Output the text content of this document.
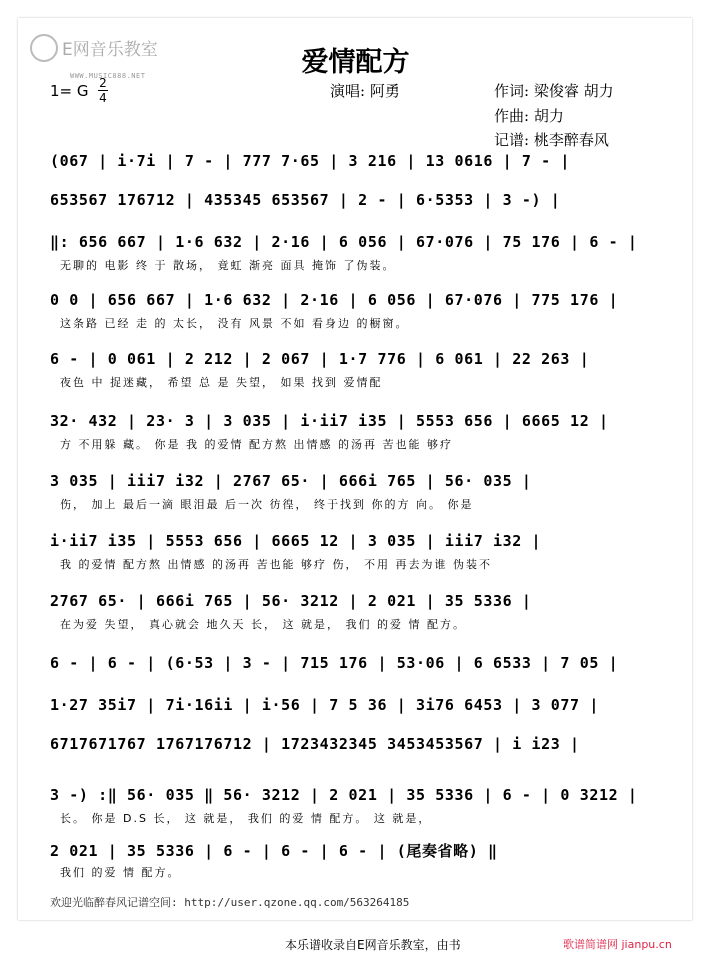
E网音乐教室
WWW.MUSIC888.NET	爱情配方
1= G 2
4	演唱: 阿勇	作词: 梁俊睿 胡力
作曲: 胡力
记谱: 桃李醉春风
(067 | i·7i | 7 - | 777 7·65 | 3 216 | 13 0616 | 7 - |
653567 176712 | 435345 653567 | 2 - | 6·5353 | 3 -) |
‖: 656 667 | 1·6 632 | 2·16 | 6 056 | 67·076 | 75 176 | 6 - |
无聊的 电影 终 于 散场， 竟虹 渐亮 面具 掩饰 了伪装。
0 0 | 656 667 | 1·6 632 | 2·16 | 6 056 | 67·076 | 775 176 |
这条路 已经 走 的 太长， 没有 风景 不如 看身边 的橱窗。
6 - | 0 061 | 2 212 | 2 067 | 1·7 776 | 6 061 | 22 263 |
夜色 中 捉迷藏， 希望 总 是 失望， 如果 找到 爱情配
32· 432 | 23· 3 | 3 035 | i·ii7 i35 | 5553 656 | 6665 12 |
方 不用躲 藏。 你是 我 的爱情 配方熬 出情感 的汤再 苦也能 够疗
3 035 | iii7 i32 | 2767 65· | 666i 765 | 56· 035 |
伤， 加上 最后一滴 眼泪最 后一次 彷徨， 终于找到 你的方 向。 你是
i·ii7 i35 | 5553 656 | 6665 12 | 3 035 | iii7 i32 |
我 的爱情 配方熬 出情感 的汤再 苦也能 够疗 伤， 不用 再去为谁 伪装不
2767 65· | 666i 765 | 56· 3212 | 2 021 | 35 5336 |
在为爱 失望， 真心就会 地久天 长， 这 就是， 我们 的爱 情 配方。
6 - | 6 - | (6·53 | 3 - | 715 176 | 53·06 | 6 6533 | 7 05 |
1·27 35i7 | 7i·16ii | i·56 | 7 5 36 | 3i76 6453 | 3 077 |
6717671767 1767176712 | 1723432345 3453453567 | i i23 |
3 -) :‖ 56· 035 ‖ 56· 3212 | 2 021 | 35 5336 | 6 - | 0 3212 |
长。 你是 D.S 长， 这 就是， 我们 的爱 情 配方。 这 就是，
2 021 | 35 5336 | 6 - | 6 - | 6 - | (尾奏省略) ‖
我们 的爱 情 配方。
欢迎光临醉春风记谱空间: http://user.qzone.qq.com/563264185
本乐谱收录自E网音乐教室，由书	歌谱简谱网 jianpu.cn
